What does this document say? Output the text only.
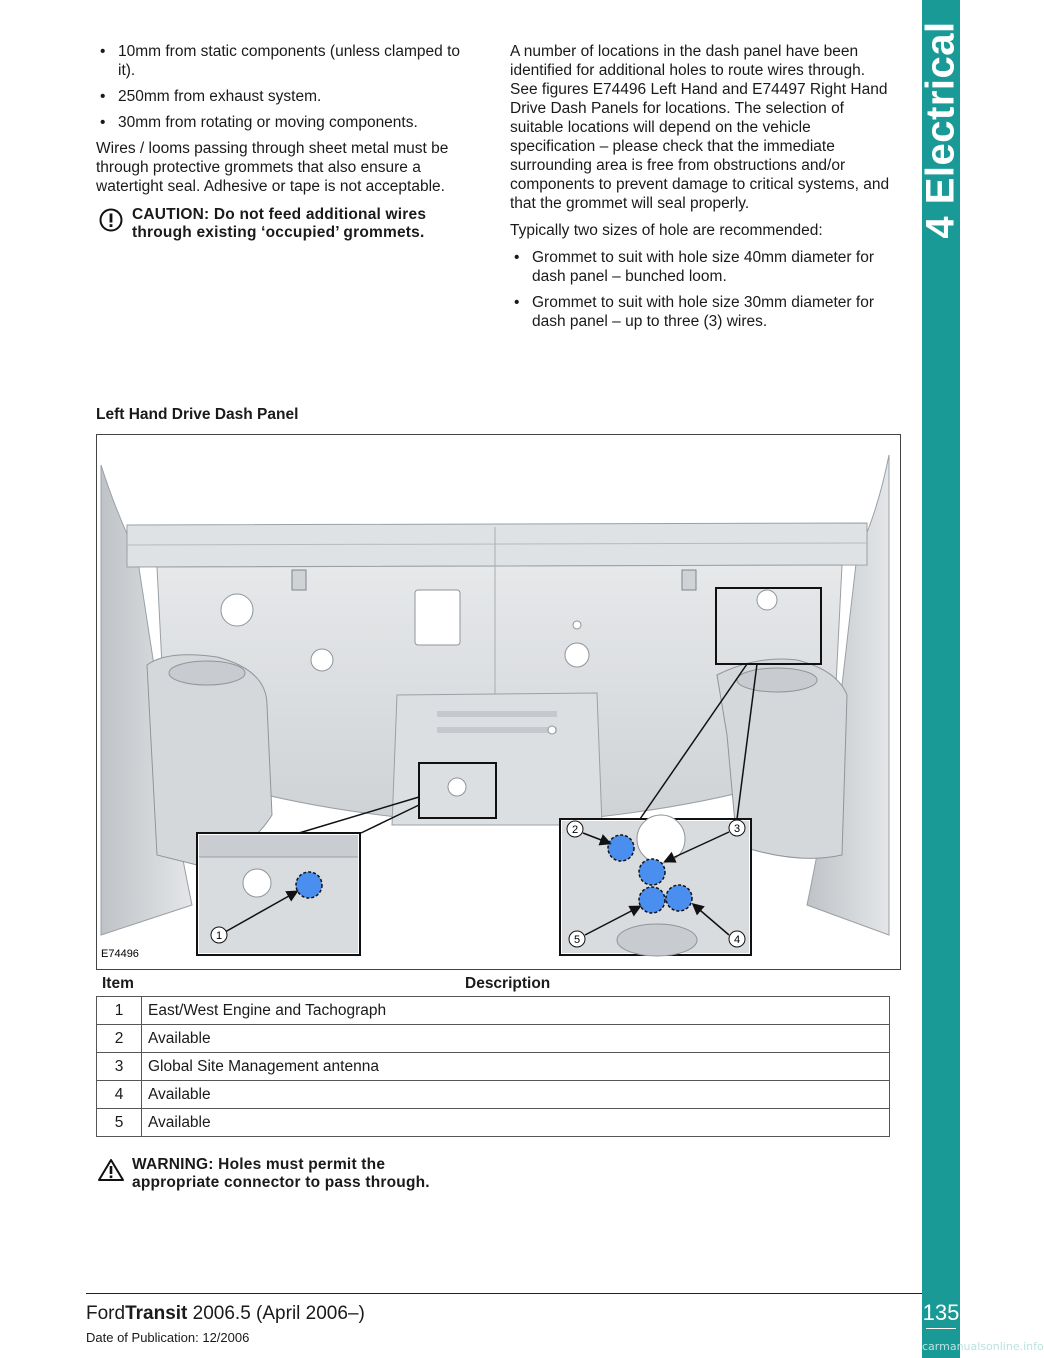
4 Electrical
135
carmanualsonline.info
• 10mm from static components (unless clamped to it).
• 250mm from exhaust system.
• 30mm from rotating or moving components.

Wires / looms passing through sheet metal must be through protective grommets that also ensure a watertight seal. Adhesive or tape is not acceptable.

CAUTION: Do not feed additional wires through existing ‘occupied’ grommets.

A number of locations in the dash panel have been identified for additional holes to route wires through. See figures E74496 Left Hand and E74497 Right Hand Drive Dash Panels for locations. The selection of suitable locations will depend on the vehicle specification – please check that the immediate surrounding area is free from obstructions and/or components to prevent damage to critical systems, and that the grommet will seal properly.

Typically two sizes of hole are recommended:

• Grommet to suit with hole size 40mm diameter for dash panel – bunched loom.
• Grommet to suit with hole size 30mm diameter for dash panel – up to three (3) wires.
Left Hand Drive Dash Panel
1
2	3
4
5
E74496
Item	Description
1	East/West Engine and Tachograph
2	Available
3	Global Site Management antenna
4	Available
5	Available
WARNING: Holes must permit the appropriate connector to pass through.
FordTransit 2006.5 (April 2006–)
Date of Publication: 12/2006
